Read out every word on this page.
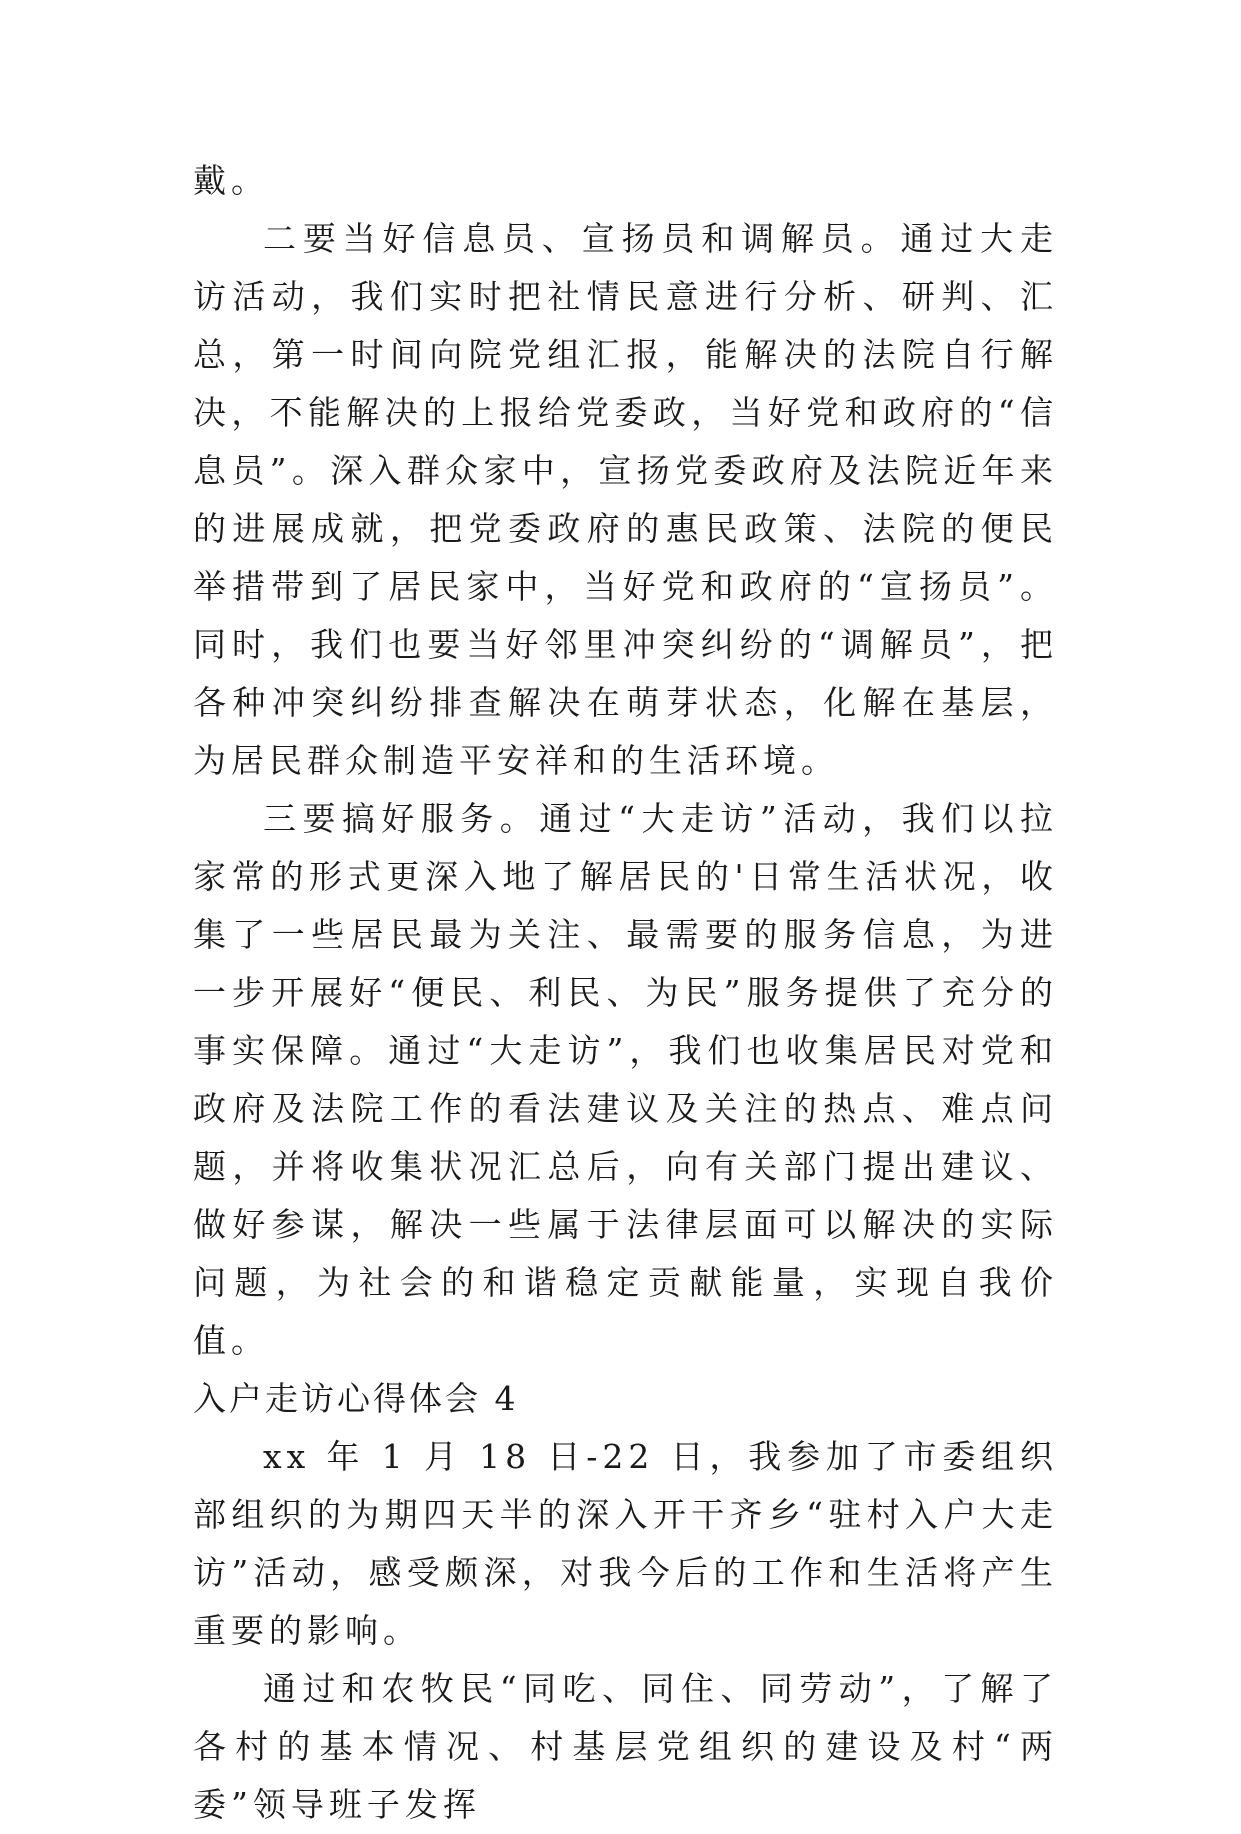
戴。

二要当好信息员、宣扬员和调解员。通过大走访活动，我们实时把社情民意进行分析、研判、汇总，第一时间向院党组汇报，能解决的法院自行解决，不能解决的上报给党委政，当好党和政府的“信息员”。深入群众家中，宣扬党委政府及法院近年来的进展成就，把党委政府的惠民政策、法院的便民举措带到了居民家中，当好党和政府的“宣扬员”。同时，我们也要当好邻里冲突纠纷的“调解员”，把各种冲突纠纷排查解决在萌芽状态，化解在基层，为居民群众制造平安祥和的生活环境。

三要搞好服务。通过“大走访”活动，我们以拉家常的形式更深入地了解居民的'日常生活状况，收集了一些居民最为关注、最需要的服务信息，为进一步开展好“便民、利民、为民”服务提供了充分的事实保障。通过“大走访”，我们也收集居民对党和政府及法院工作的看法建议及关注的热点、难点问题，并将收集状况汇总后，向有关部门提出建议、做好参谋，解决一些属于法律层面可以解决的实际问题，为社会的和谐稳定贡献能量，实现自我价值。

入户走访心得体会 4

xx 年 1 月 18 日-22 日，我参加了市委组织部组织的为期四天半的深入开干齐乡“驻村入户大走访”活动，感受颇深，对我今后的工作和生活将产生重要的影响。

通过和农牧民“同吃、同住、同劳动”，了解了各村的基本情况、村基层党组织的建设及村“两委”领导班子发挥
